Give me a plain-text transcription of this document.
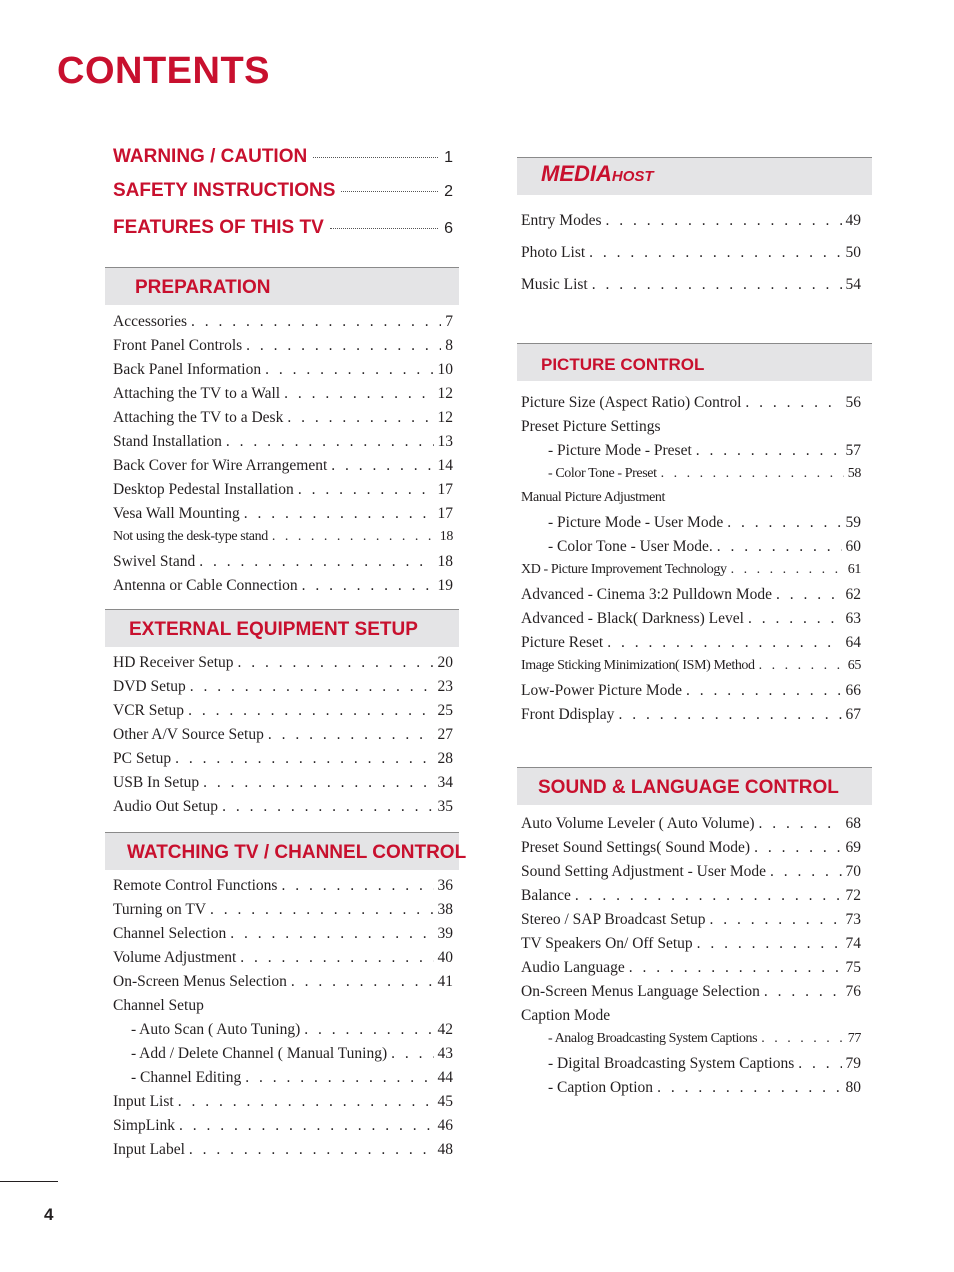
CONTENTS
WARNING / CAUTION	1
SAFETY INSTRUCTIONS	2
FEATURES OF THIS TV	6
PREPARATION
Accessories . . .	7
Front Panel Controls . . .	8
Back Panel Information . . .	10
Attaching the TV to a Wall . . .	12
Attaching the TV to a Desk . . .	12
Stand Installation . . .	13
Back Cover for Wire Arrangement . . .	14
Desktop Pedestal Installation . . .	17
Vesa Wall Mounting . . .	17
Not using the desk-type stand . . .	18
Swivel Stand . . .	18
Antenna or Cable Connection . . .	19
EXTERNAL EQUIPMENT SETUP
HD Receiver Setup . . .	20
DVD Setup . . .	23
VCR Setup . . .	25
Other A/V Source Setup . . .	27
PC Setup . . .	28
USB In Setup . . .	34
Audio Out Setup . . .	35
WATCHING TV / CHANNEL CONTROL
Remote Control Functions . . .	36
Turning on TV . . .	38
Channel Selection . . .	39
Volume Adjustment . . .	40
On-Screen Menus Selection . . .	41
Channel Setup
- Auto Scan ( Auto Tuning) . . .	42
- Add / Delete Channel ( Manual Tuning) . . .	43
- Channel Editing . . .	44
Input List . . .	45
SimpLink . . .	46
Input Label . . .	48
MEDIAHOST
Entry Modes . . .	49
Photo List . . .	50
Music List . . .	54
PICTURE CONTROL
Picture Size (Aspect Ratio) Control . . .	56
Preset Picture Settings
- Picture Mode - Preset . . .	57
- Color Tone - Preset . . .	58
Manual Picture Adjustment
- Picture Mode - User Mode . . .	59
- Color Tone - User Mode. . . .	60
XD - Picture Improvement Technology . . .	61
Advanced - Cinema 3:2 Pulldown Mode . . .	62
Advanced - Black( Darkness) Level . . .	63
Picture Reset . . .	64
Image Sticking Minimization( ISM) Method . . .	65
Low-Power Picture Mode . . .	66
Front Ddisplay . . .	67
SOUND & LANGUAGE CONTROL
Auto Volume Leveler ( Auto Volume) . . .	68
Preset Sound Settings( Sound Mode) . . .	69
Sound Setting Adjustment - User Mode . . .	70
Balance . . .	72
Stereo / SAP Broadcast Setup . . .	73
TV Speakers On/ Off Setup . . .	74
Audio Language . . .	75
On-Screen Menus Language Selection . . .	76
Caption Mode
- Analog Broadcasting System Captions . . .	77
- Digital Broadcasting System Captions . . .	79
- Caption Option . . .	80
4
